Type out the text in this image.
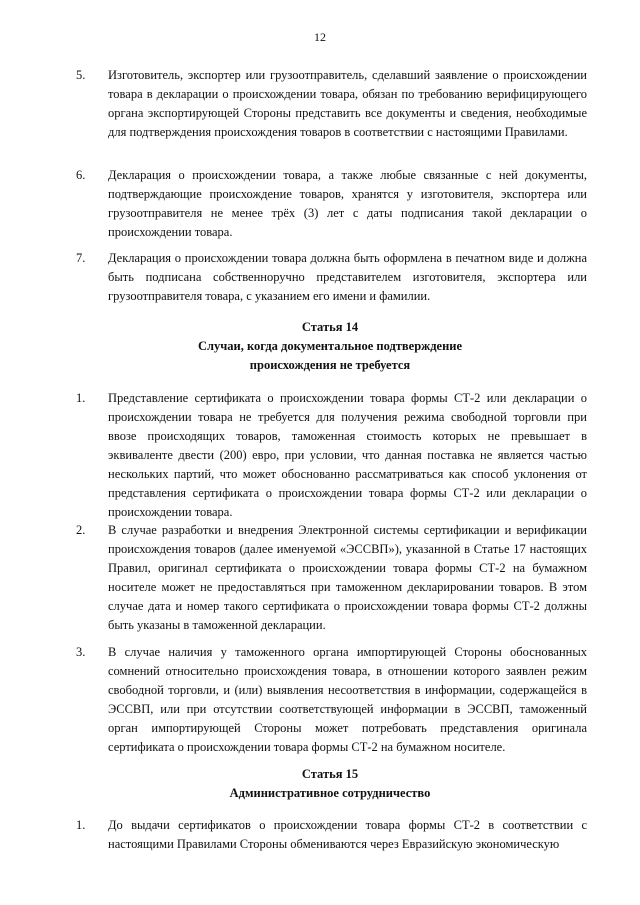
12
5.	Изготовитель, экспортер или грузоотправитель, сделавший заявление о происхождении товара в декларации о происхождении товара, обязан по требованию верифицирующего органа экспортирующей Стороны представить все документы и сведения, необходимые для подтверждения происхождения товаров в соответствии с настоящими Правилами.
6.	Декларация о происхождении товара, а также любые связанные с ней документы, подтверждающие происхождение товаров, хранятся у изготовителя, экспортера или грузоотправителя не менее трёх (3) лет с даты подписания такой декларации о происхождении товара.
7.	Декларация о происхождении товара должна быть оформлена в печатном виде и должна быть подписана собственноручно представителем изготовителя, экспортера или грузоотправителя товара, с указанием его имени и фамилии.
Статья 14
Случаи, когда документальное подтверждение
происхождения не требуется
1.	Представление сертификата о происхождении товара формы СТ-2 или декларации о происхождении товара не требуется для получения режима свободной торговли при ввозе происходящих товаров, таможенная стоимость которых не превышает в эквиваленте двести (200) евро, при условии, что данная поставка не является частью нескольких партий, что может обоснованно рассматриваться как способ уклонения от представления сертификата о происхождении товара формы СТ-2 или декларации о происхождении товара.
2.	В случае разработки и внедрения Электронной системы сертификации и верификации происхождения товаров (далее именуемой «ЭССВП»), указанной в Статье 17 настоящих Правил, оригинал сертификата о происхождении товара формы СТ-2 на бумажном носителе может не предоставляться при таможенном декларировании товаров. В этом случае дата и номер такого сертификата о происхождении товара формы СТ-2 должны быть указаны в таможенной декларации.
3.	В случае наличия у таможенного органа импортирующей Стороны обоснованных сомнений относительно происхождения товара, в отношении которого заявлен режим свободной торговли, и (или) выявления несоответствия в информации, содержащейся в ЭССВП, или при отсутствии соответствующей информации в ЭССВП, таможенный орган импортирующей Стороны может потребовать представления оригинала сертификата о происхождении товара формы СТ-2 на бумажном носителе.
Статья 15
Административное сотрудничество
1.	До выдачи сертификатов о происхождении товара формы СТ-2 в соответствии с настоящими Правилами Стороны обмениваются через Евразийскую экономическую
